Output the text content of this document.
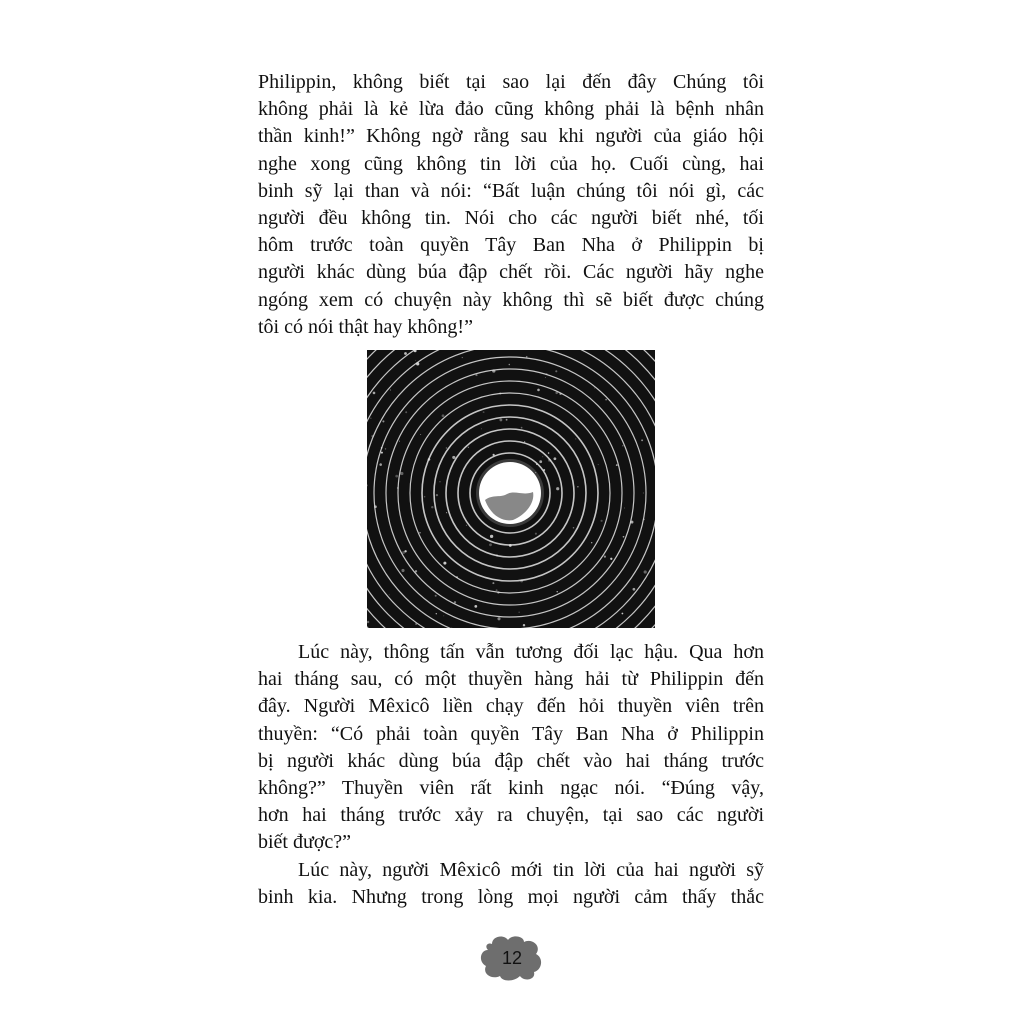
Philippin, không biết tại sao lại đến đây Chúng tôi
không phải là kẻ lừa đảo cũng không phải là bệnh nhân
thần kinh!” Không ngờ rằng sau khi người của giáo hội
nghe xong cũng không tin lời của họ. Cuối cùng, hai
binh sỹ lại than và nói: “Bất luận chúng tôi nói gì, các
người đều không tin. Nói cho các người biết nhé, tối
hôm trước toàn quyền Tây Ban Nha ở Philippin bị
người khác dùng búa đập chết rồi. Các người hãy nghe
ngóng xem có chuyện này không thì sẽ biết được chúng
tôi có nói thật hay không!”
Lúc này, thông tấn vẫn tương đối lạc hậu. Qua hơn
hai tháng sau, có một thuyền hàng hải từ Philippin đến
đây. Người Mêxicô liền chạy đến hỏi thuyền viên trên
thuyền: “Có phải toàn quyền Tây Ban Nha ở Philippin
bị người khác dùng búa đập chết vào hai tháng trước
không?” Thuyền viên rất kinh ngạc nói. “Đúng vậy,
hơn hai tháng trước xảy ra chuyện, tại sao các người
biết được?”
Lúc này, người Mêxicô mới tin lời của hai người sỹ
binh kia. Nhưng trong lòng mọi người cảm thấy thắc
12
